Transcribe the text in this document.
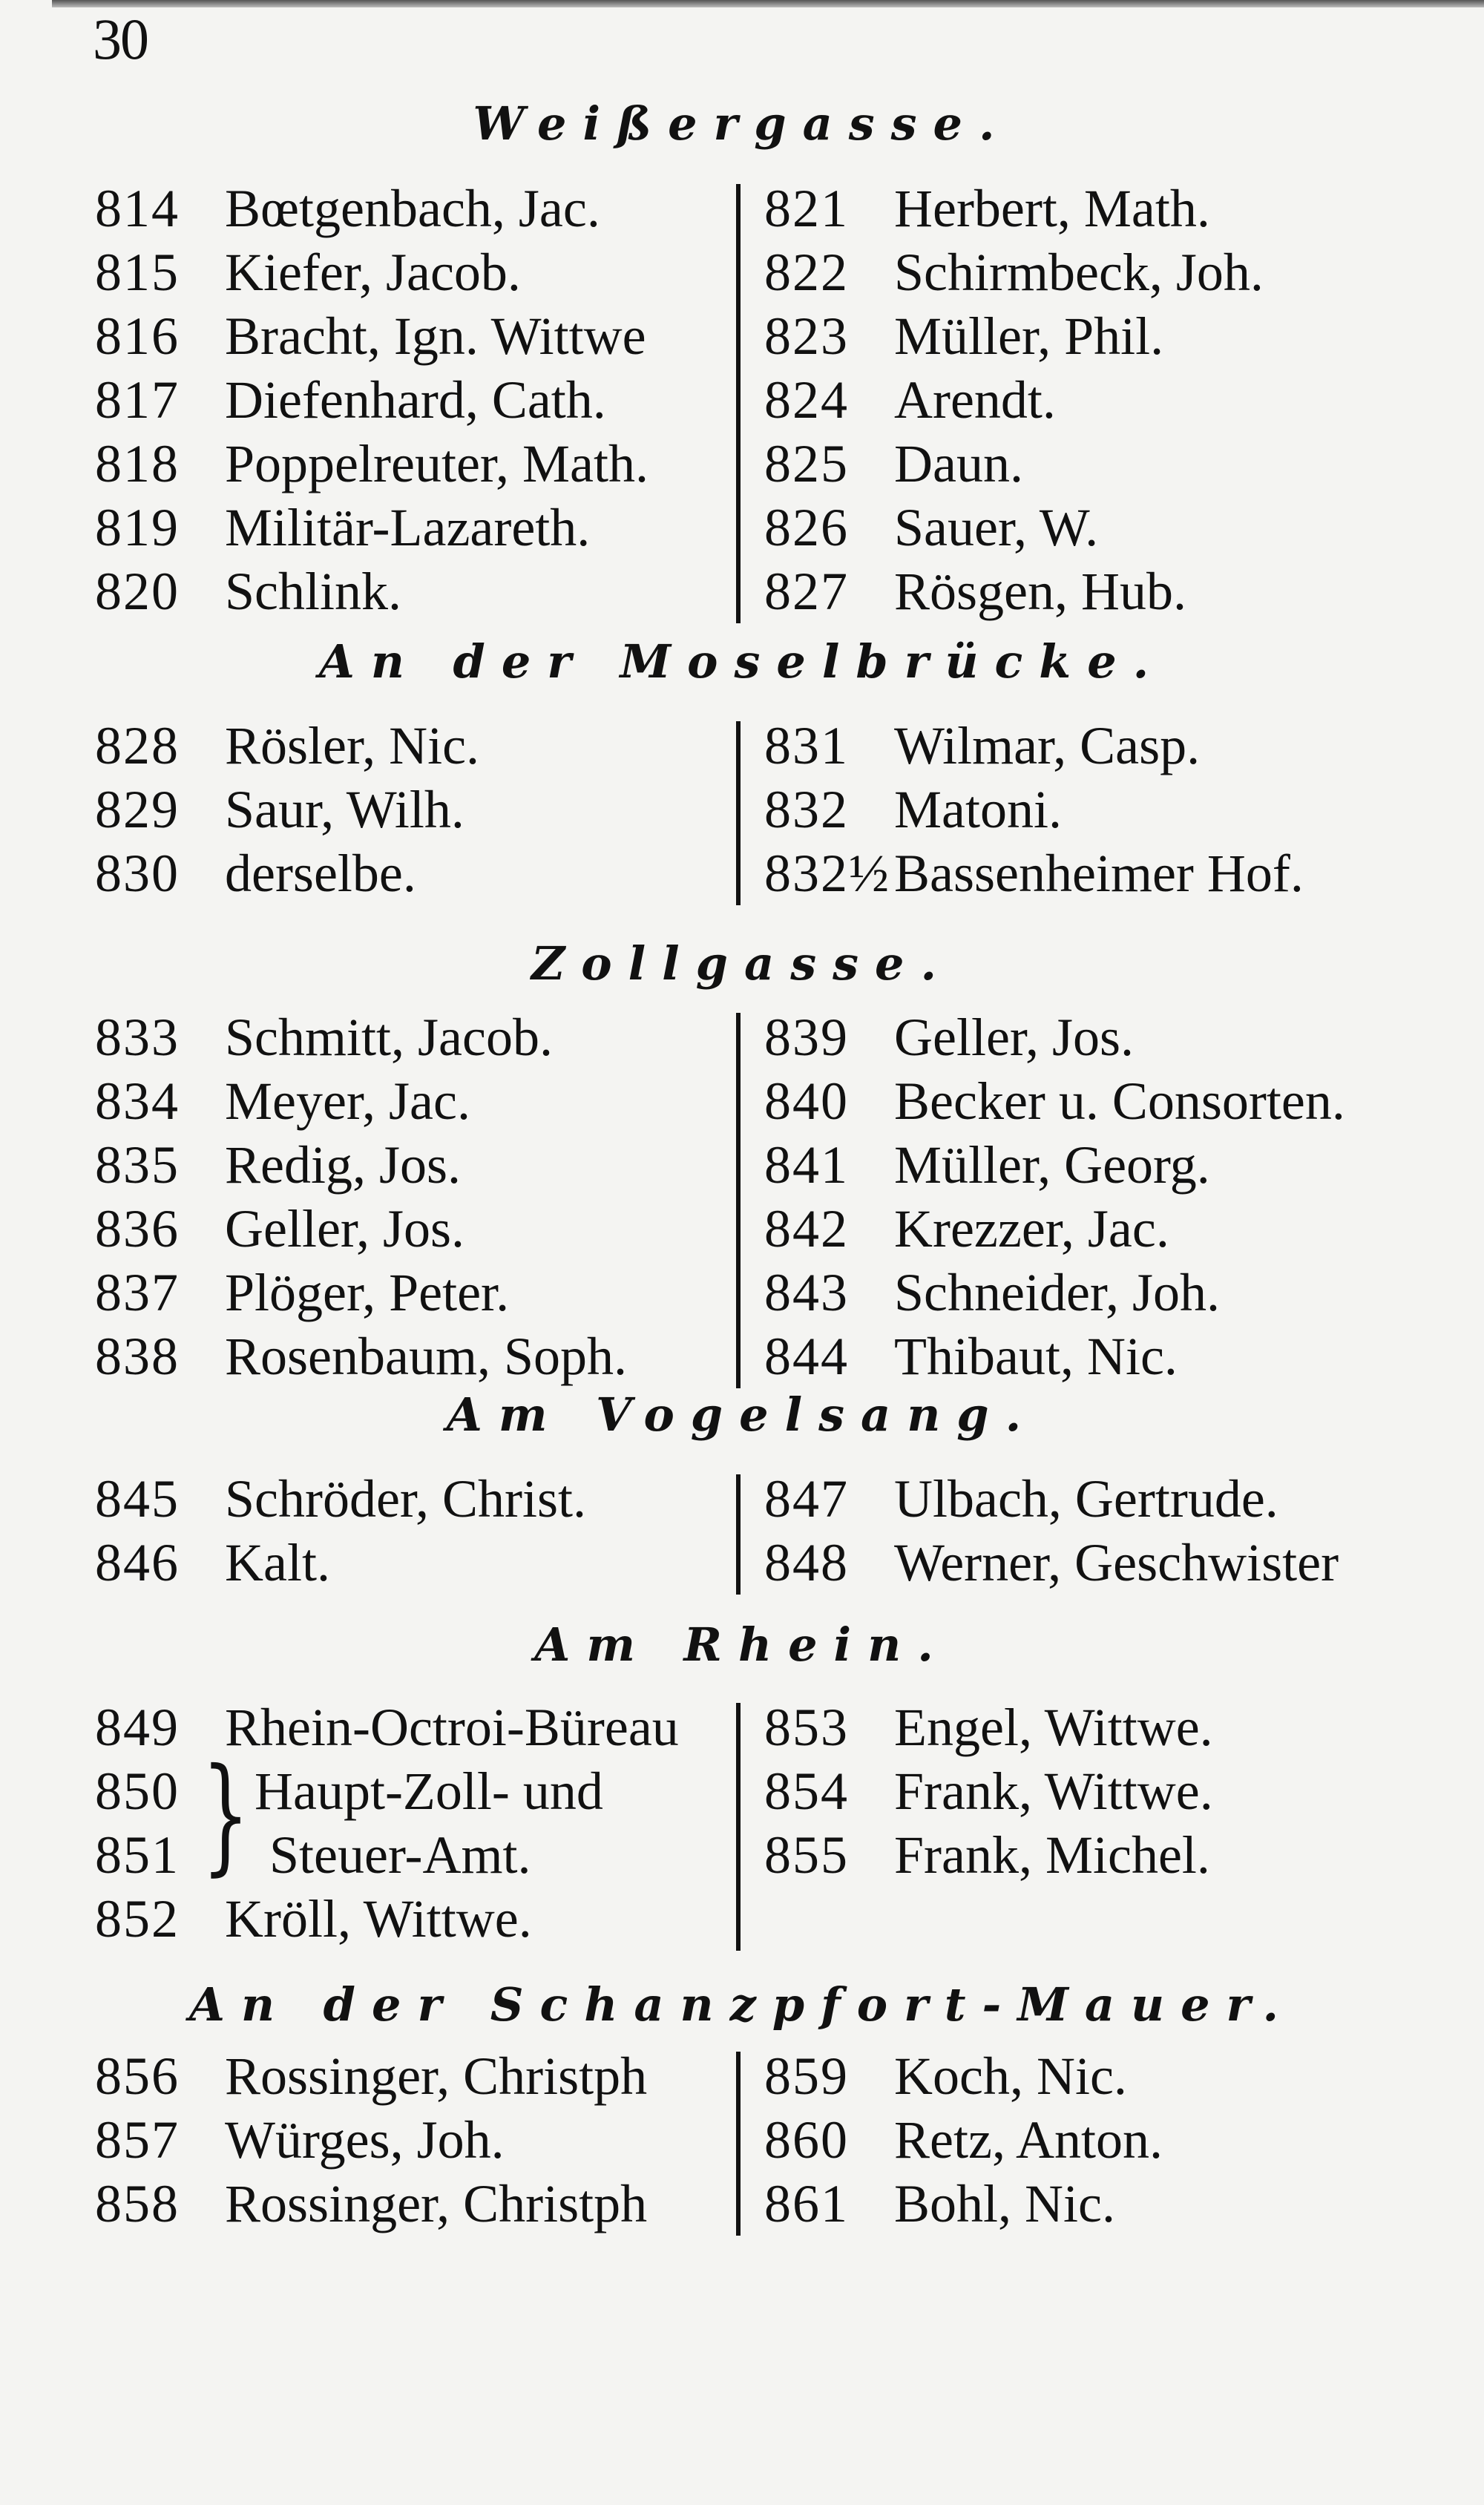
30
Weißergasse.
814 Bœtgenbach, Jac.
815 Kiefer, Jacob.
816 Bracht, Ign. Wittwe
817 Diefenhard, Cath.
818 Poppelreuter, Math.
819 Militär-Lazareth.
820 Schlink.
821 Herbert, Math.
822 Schirmbeck, Joh.
823 Müller, Phil.
824 Arendt.
825 Daun.
826 Sauer, W.
827 Rösgen, Hub.
An der Moselbrücke.
828 Rösler, Nic.
829 Saur, Wilh.
830 derselbe.
831 Wilmar, Casp.
832 Matoni.
832½Bassenheimer Hof.
Zollgasse.
833 Schmitt, Jacob.
834 Meyer, Jac.
835 Redig, Jos.
836 Geller, Jos.
837 Plöger, Peter.
838 Rosenbaum, Soph.
839 Geller, Jos.
840 Becker u. Consorten.
841 Müller, Georg.
842 Krezzer, Jac.
843 Schneider, Joh.
844 Thibaut, Nic.
Am Vogelsang.
845 Schröder, Christ.
846 Kalt.
847 Ulbach, Gertrude.
848 Werner, Geschwister
Am Rhein.
849 Rhein-Octroi-Büreau
850 Haupt-Zoll- und
851 Steuer-Amt.
852 Kröll, Wittwe.
853 Engel, Wittwe.
854 Frank, Wittwe.
855 Frank, Michel.
An der Schanzpfort-Mauer.
856 Rossinger, Christph
857 Würges, Joh.
858 Rossinger, Christph
859 Koch, Nic.
860 Retz, Anton.
861 Bohl, Nic.
}
